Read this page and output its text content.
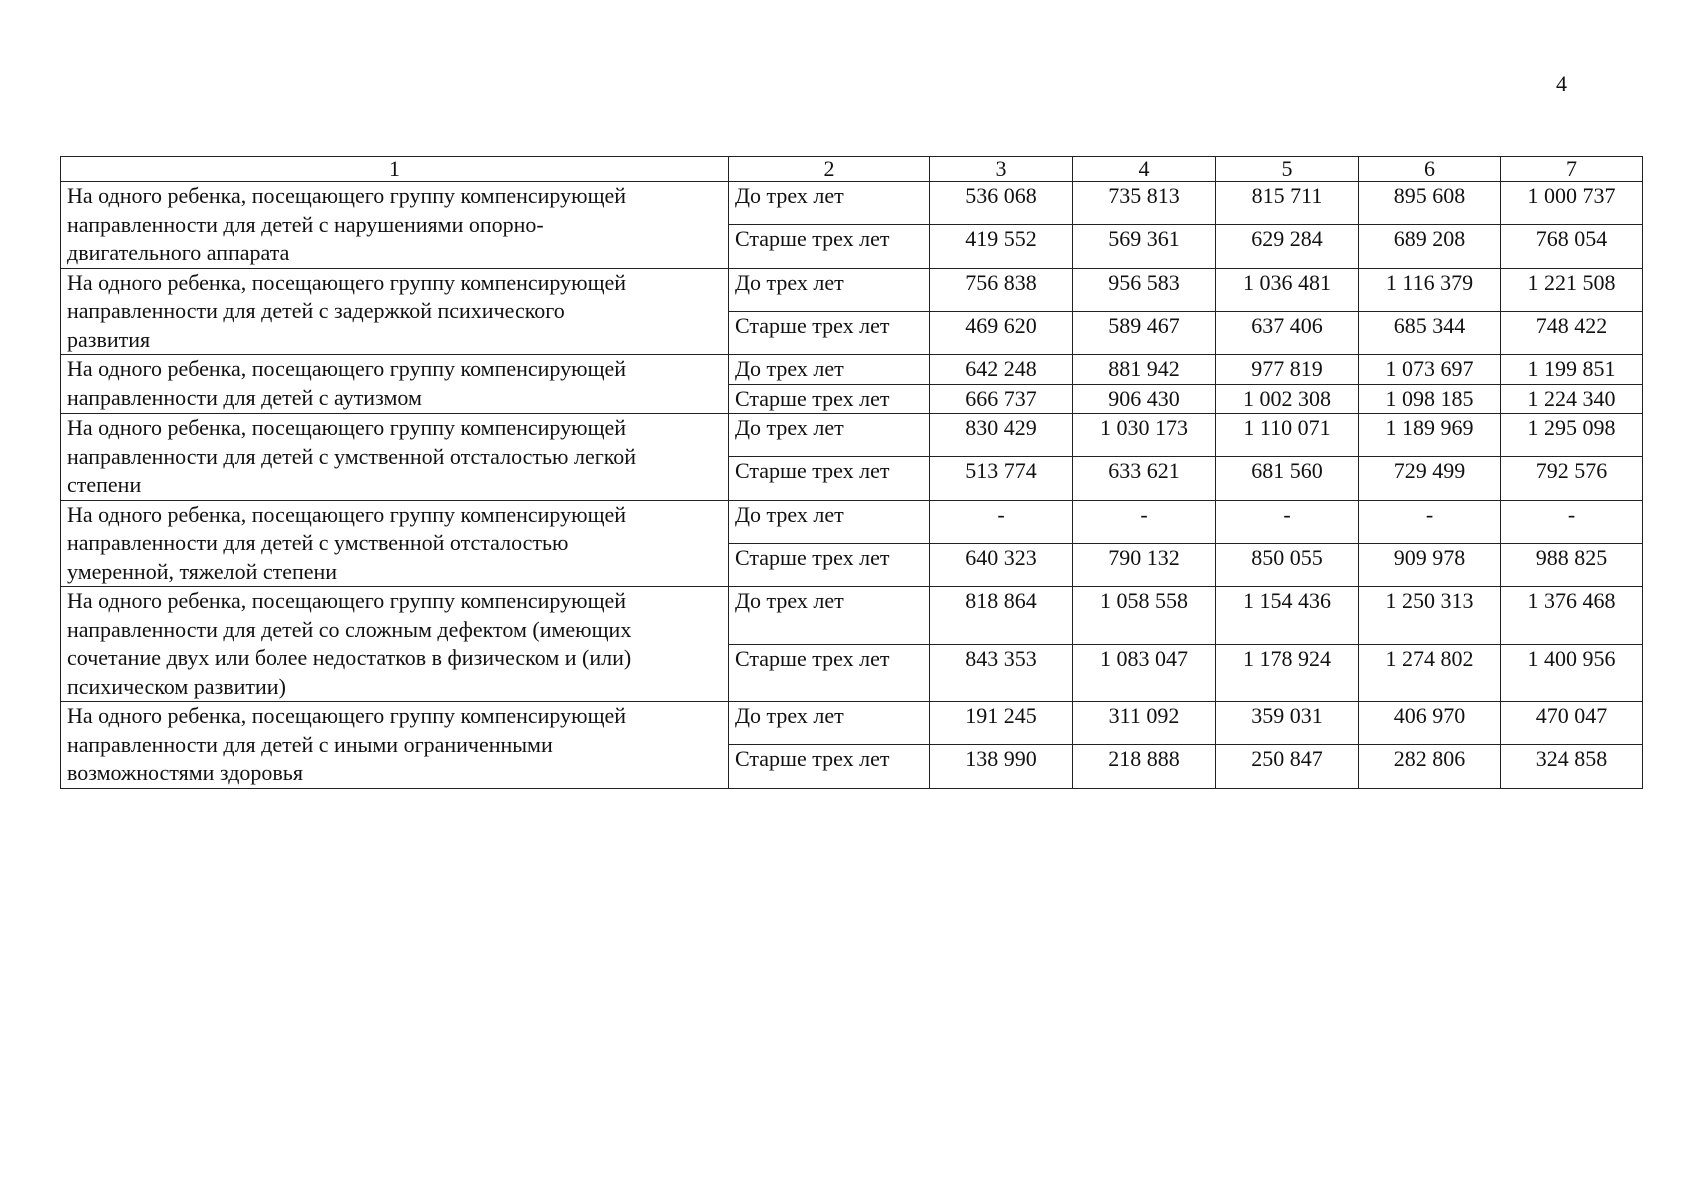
4
1	2	3	4	5	6	7

На одного ребенка, посещающего группу компенсирующей
направленности для детей с нарушениями опорно-
двигательного аппарата	До трех лет	536 068	735 813	815 711	895 608	1 000 737
	Старше трех лет	419 552	569 361	629 284	689 208	768 054

На одного ребенка, посещающего группу компенсирующей
направленности для детей с задержкой психического
развития	До трех лет	756 838	956 583	1 036 481	1 116 379	1 221 508
	Старше трех лет	469 620	589 467	637 406	685 344	748 422

На одного ребенка, посещающего группу компенсирующей
направленности для детей с аутизмом	До трех лет	642 248	881 942	977 819	1 073 697	1 199 851
	Старше трех лет	666 737	906 430	1 002 308	1 098 185	1 224 340

На одного ребенка, посещающего группу компенсирующей
направленности для детей с умственной отсталостью легкой
степени	До трех лет	830 429	1 030 173	1 110 071	1 189 969	1 295 098
	Старше трех лет	513 774	633 621	681 560	729 499	792 576

На одного ребенка, посещающего группу компенсирующей
направленности для детей с умственной отсталостью
умеренной, тяжелой степени	До трех лет	-	-	-	-	-
	Старше трех лет	640 323	790 132	850 055	909 978	988 825

На одного ребенка, посещающего группу компенсирующей
направленности для детей со сложным дефектом (имеющих
сочетание двух или более недостатков в физическом и (или)
психическом развитии)	До трех лет	818 864	1 058 558	1 154 436	1 250 313	1 376 468
	Старше трех лет	843 353	1 083 047	1 178 924	1 274 802	1 400 956

На одного ребенка, посещающего группу компенсирующей
направленности для детей с иными ограниченными
возможностями здоровья	До трех лет	191 245	311 092	359 031	406 970	470 047
	Старше трех лет	138 990	218 888	250 847	282 806	324 858
